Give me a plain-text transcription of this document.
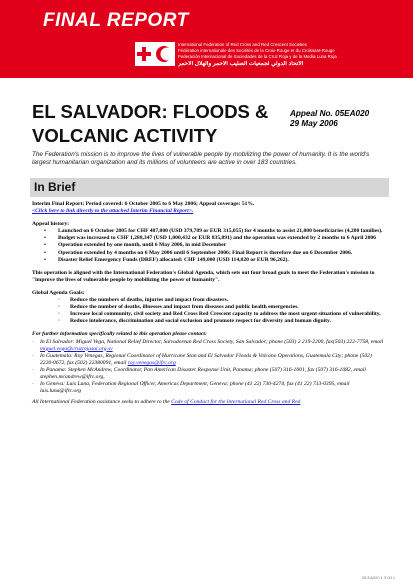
FINAL REPORT
International Federation of Red Cross and Red Crescent Societies
Fédération internationale des Sociétés de la Croix-Rouge et du Croissant-Rouge
Federación Internacional de Sociedades de la Cruz Roja y de la Media Luna Roja
الاتحاد الدولي لجمعيات الصليب الأحمر والهلال الأحمر
EL SALVADOR: FLOODS & VOLCANIC ACTIVITY
Appeal No. 05EA020
29 May 2006
The Federation's mission is to improve the lives of vulnerable people by mobilizing the power of humanity. It is the world's largest humanitarian organization and its millions of volunteers are active in over 183 countries.
In Brief

Interim Final Report; Period covered: 6 October 2005 to 6 May 2006; Appeal coverage: 51%.

<Click here to link directly to the attached Interim Financial Report>.

Appeal history:

• Launched on 6 October 2005 for CHF 487,000 (USD 379,789 or EUR 315,055) for 4 months to assist 21,000 beneficiaries (4,200 families).
• Budget was increased to CHF 1,288,347 (USD 1,000,432 or EUR 835,891) and the operation was extended by 2 months to 6 April 2006
• Operation extended by one month, until 6 May 2006, in mid December
• Operation extended by 4 months on 6 May 2006 until 6 September 2006; Final Report is therefore due on 6 December 2006.
• Disaster Relief Emergency Funds (DREF) allocated: CHF 149,000 (USD 114,820 or EUR 96,262).

This operation is aligned with the International Federation's Global Agenda, which sets out four broad goals to meet the Federation's mission to "improve the lives of vulnerable people by mobilizing the power of humanity".

Global Agenda Goals:

· Reduce the numbers of deaths, injuries and impact from disasters.
· Reduce the number of deaths, illnesses and impact from diseases and public health emergencies.
· Increase local community, civil society and Red Cross Red Crescent capacity to address the most urgent situations of vulnerability.
· Reduce intolerance, discrimination and social exclusion and promote respect for diversity and human dignity.

For further information specifically related to this operation please contact:

· In El Salvador: Miguel Vega, National Relief Director, Salvadorean Red Cross Society, San Salvador; phone (503) 2 219-2200, fax(503) 222-7758, email miguel.vega@cruzrojasal.org.sv
· In Guatemala: Roy Venegas, Regional Coordinator of Hurricane Stan and El Salvador Floods & Volcano Operations, Guatemala City; phone (502) 2220-0672, fax (502) 22380091, email roy.venegas@ifrc.org
· In Panama: Stephen McAndrew, Coordinator, Pan American Disaster Response Unit, Panama; phone (507) 316-1001, fax (507) 316-1082, email stephen.mcandrew@ifrc.org,
· In Geneva: Luis Luna, Federation Regional Officer, Americas Department, Geneva; phone (41 22) 730-4274, fax (41 22) 733-0395, email luis.luna@ifrc.org

All International Federation assistance seeks to adhere to the Code of Conduct for the International Red Cross and Red

05 EA020 1 3 00 1
